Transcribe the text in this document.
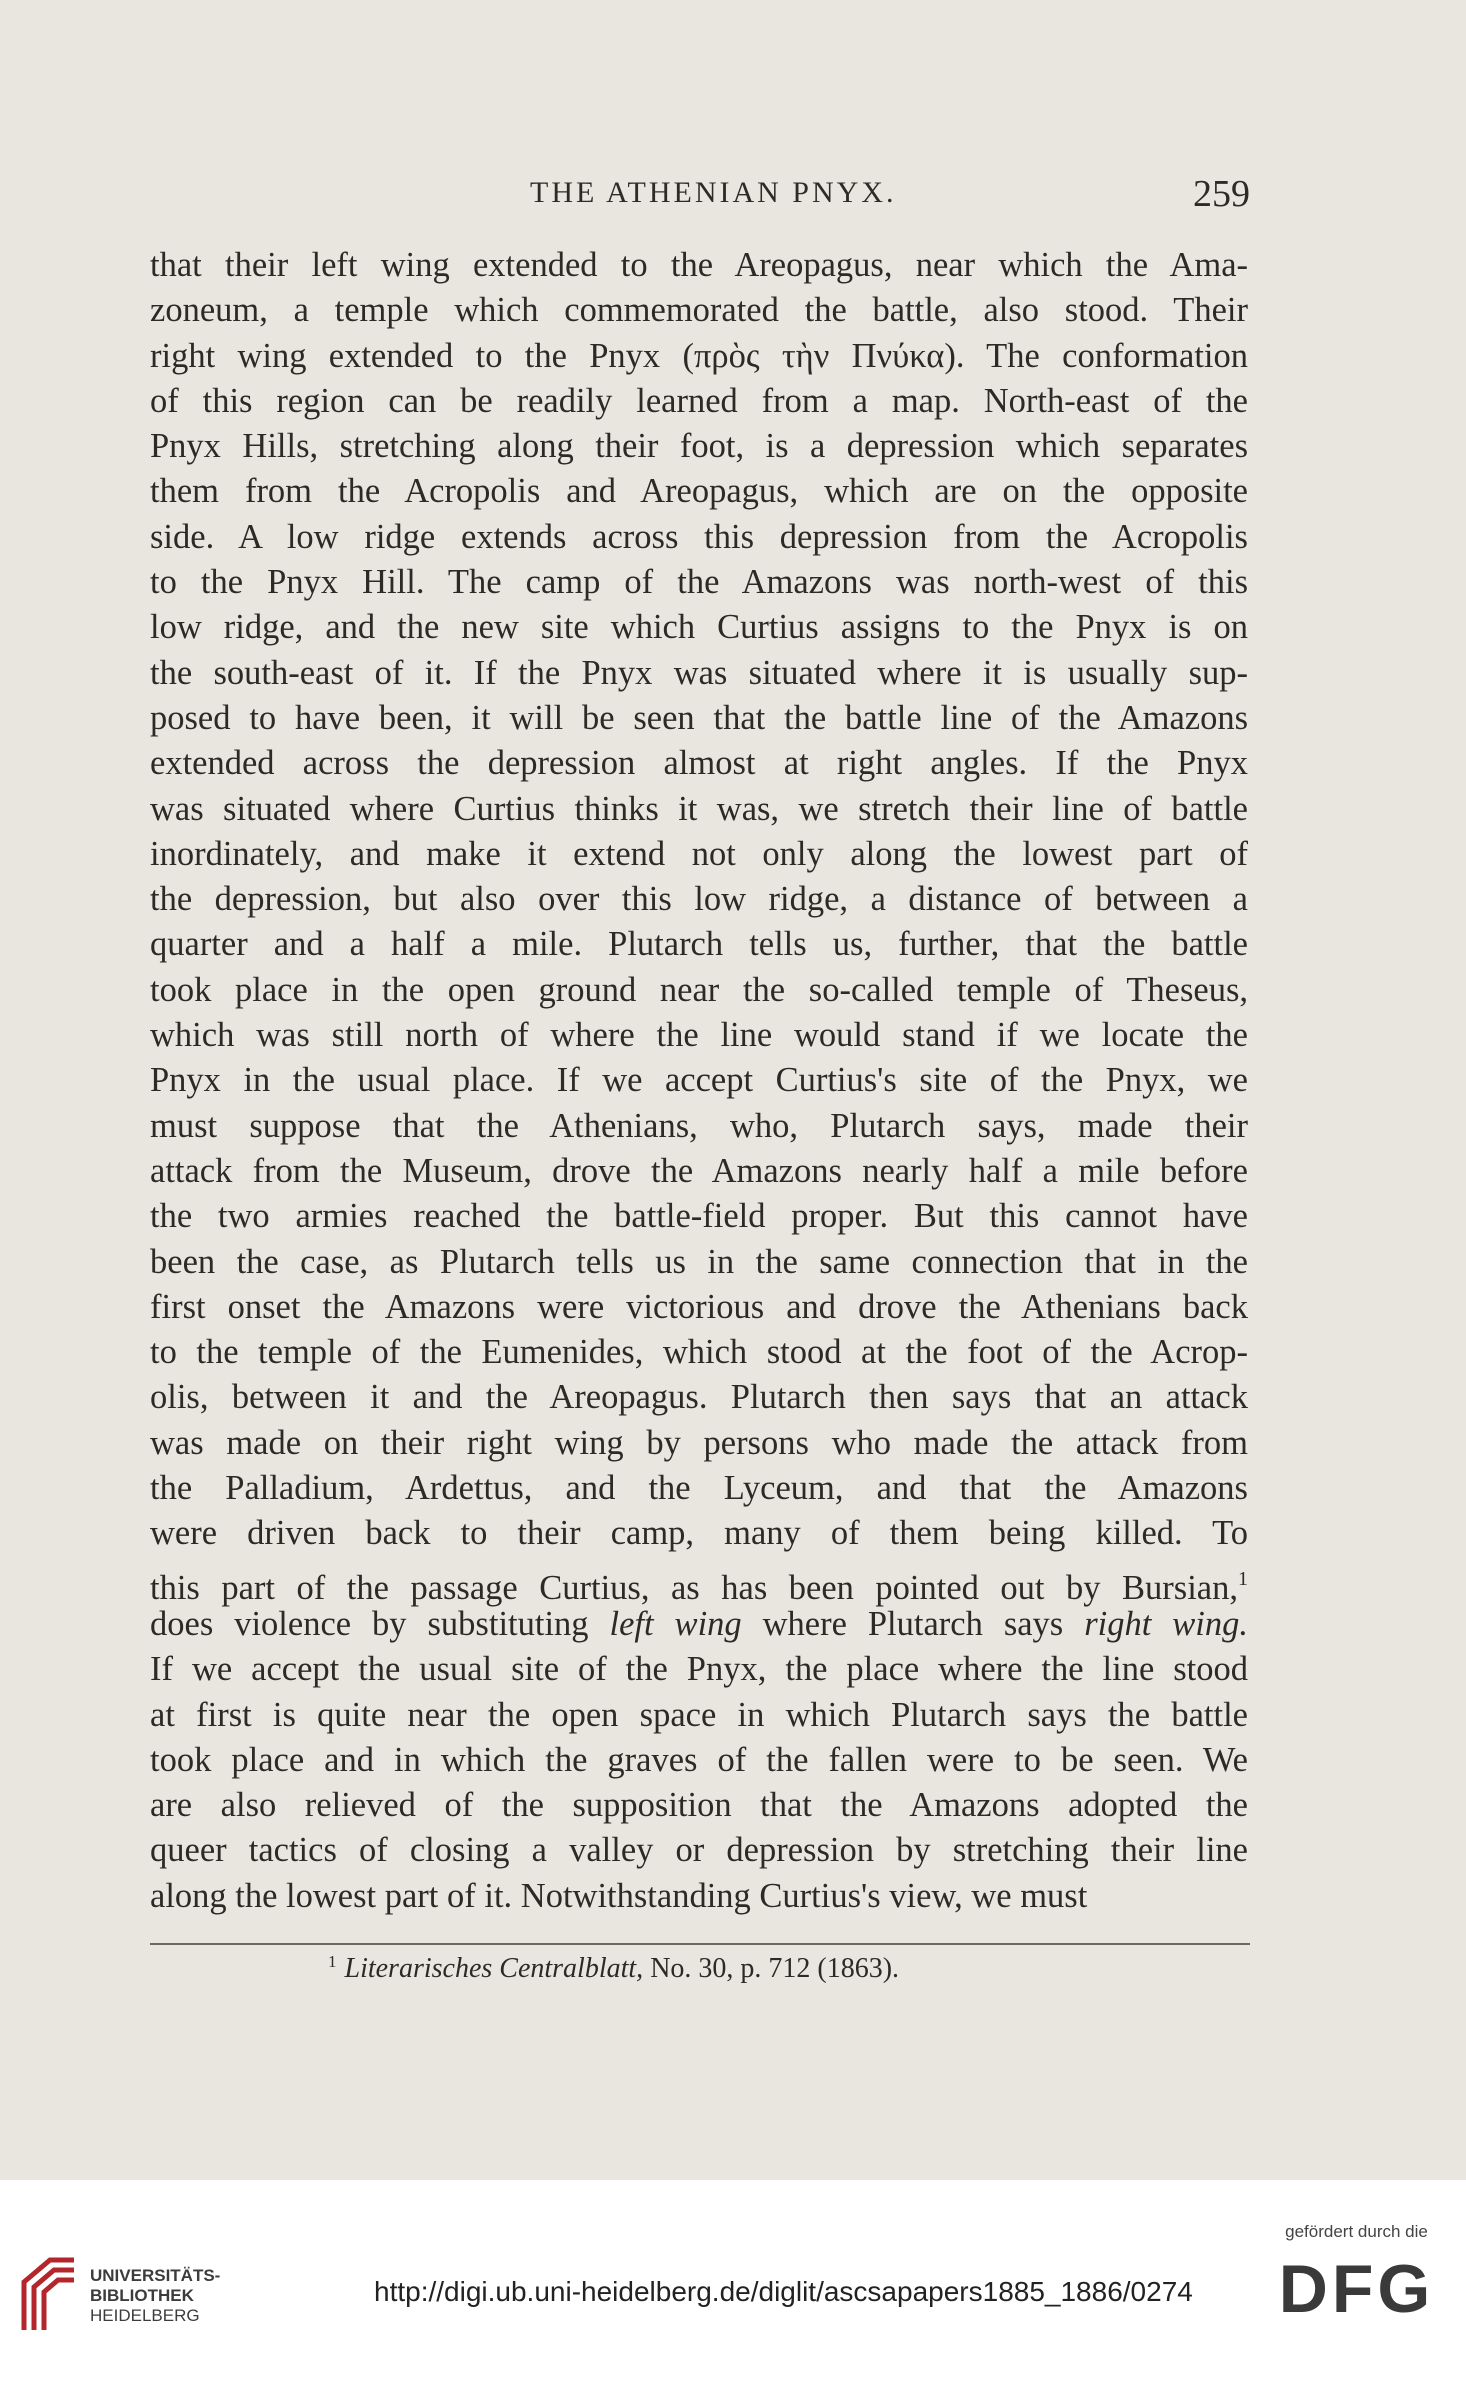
THE ATHENIAN PNYX.	259
that their left wing extended to the Areopagus, near which the Ama-
zoneum, a temple which commemorated the battle, also stood. Their
right wing extended to the Pnyx (πρὸς τὴν Πνύκα). The conformation
of this region can be readily learned from a map. North-east of the
Pnyx Hills, stretching along their foot, is a depression which separates
them from the Acropolis and Areopagus, which are on the opposite
side. A low ridge extends across this depression from the Acropolis
to the Pnyx Hill. The camp of the Amazons was north-west of this
low ridge, and the new site which Curtius assigns to the Pnyx is on
the south-east of it. If the Pnyx was situated where it is usually sup-
posed to have been, it will be seen that the battle line of the Amazons
extended across the depression almost at right angles. If the Pnyx
was situated where Curtius thinks it was, we stretch their line of battle
inordinately, and make it extend not only along the lowest part of
the depression, but also over this low ridge, a distance of between a
quarter and a half a mile. Plutarch tells us, further, that the battle
took place in the open ground near the so-called temple of Theseus,
which was still north of where the line would stand if we locate the
Pnyx in the usual place. If we accept Curtius's site of the Pnyx, we
must suppose that the Athenians, who, Plutarch says, made their
attack from the Museum, drove the Amazons nearly half a mile before
the two armies reached the battle-field proper. But this cannot have
been the case, as Plutarch tells us in the same connection that in the
first onset the Amazons were victorious and drove the Athenians back
to the temple of the Eumenides, which stood at the foot of the Acrop-
olis, between it and the Areopagus. Plutarch then says that an attack
was made on their right wing by persons who made the attack from
the Palladium, Ardettus, and the Lyceum, and that the Amazons
were driven back to their camp, many of them being killed. To
this part of the passage Curtius, as has been pointed out by Bursian,$^1$
does violence by substituting left wing where Plutarch says right wing.
If we accept the usual site of the Pnyx, the place where the line stood
at first is quite near the open space in which Plutarch says the battle
took place and in which the graves of the fallen were to be seen. We
are also relieved of the supposition that the Amazons adopted the
queer tactics of closing a valley or depression by stretching their line
along the lowest part of it. Notwithstanding Curtius's view, we must
$^1$ Literarisches Centralblatt, No. 30, p. 712 (1863).
UNIVERSITÄTS-
BIBLIOTHEK
HEIDELBERG
http://digi.ub.uni-heidelberg.de/diglit/ascsapapers1885_1886/0274
gefördert durch die
DFG
